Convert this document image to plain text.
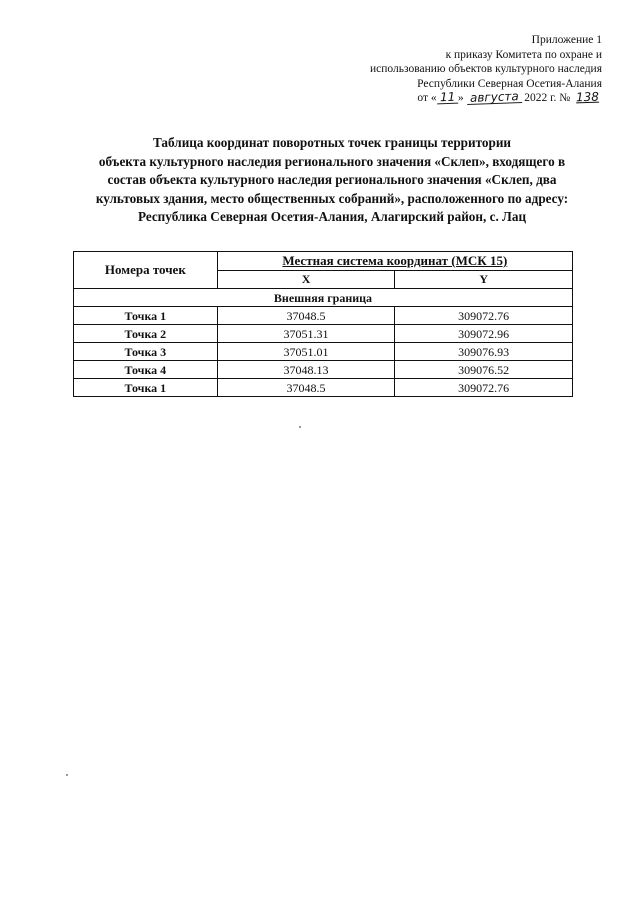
Приложение 1
к приказу Комитета по охране и
использованию объектов культурного наследия
Республики Северная Осетия-Алания
от « 11 » августа 2022 г. № 138
Таблица координат поворотных точек границы территории
объекта культурного наследия регионального значения «Склеп», входящего в
состав объекта культурного наследия регионального значения «Склеп, два
культовых здания, место общественных собраний», расположенного по адресу:
Республика Северная Осетия-Алания, Алагирский район, с. Лац
Номера точек	Местная система координат (МСК 15)	
	X	Y
Внешняя граница		
Точка 1	37048.5	309072.76
Точка 2	37051.31	309072.96
Точка 3	37051.01	309076.93
Точка 4	37048.13	309076.52
Точка 1	37048.5	309072.76
